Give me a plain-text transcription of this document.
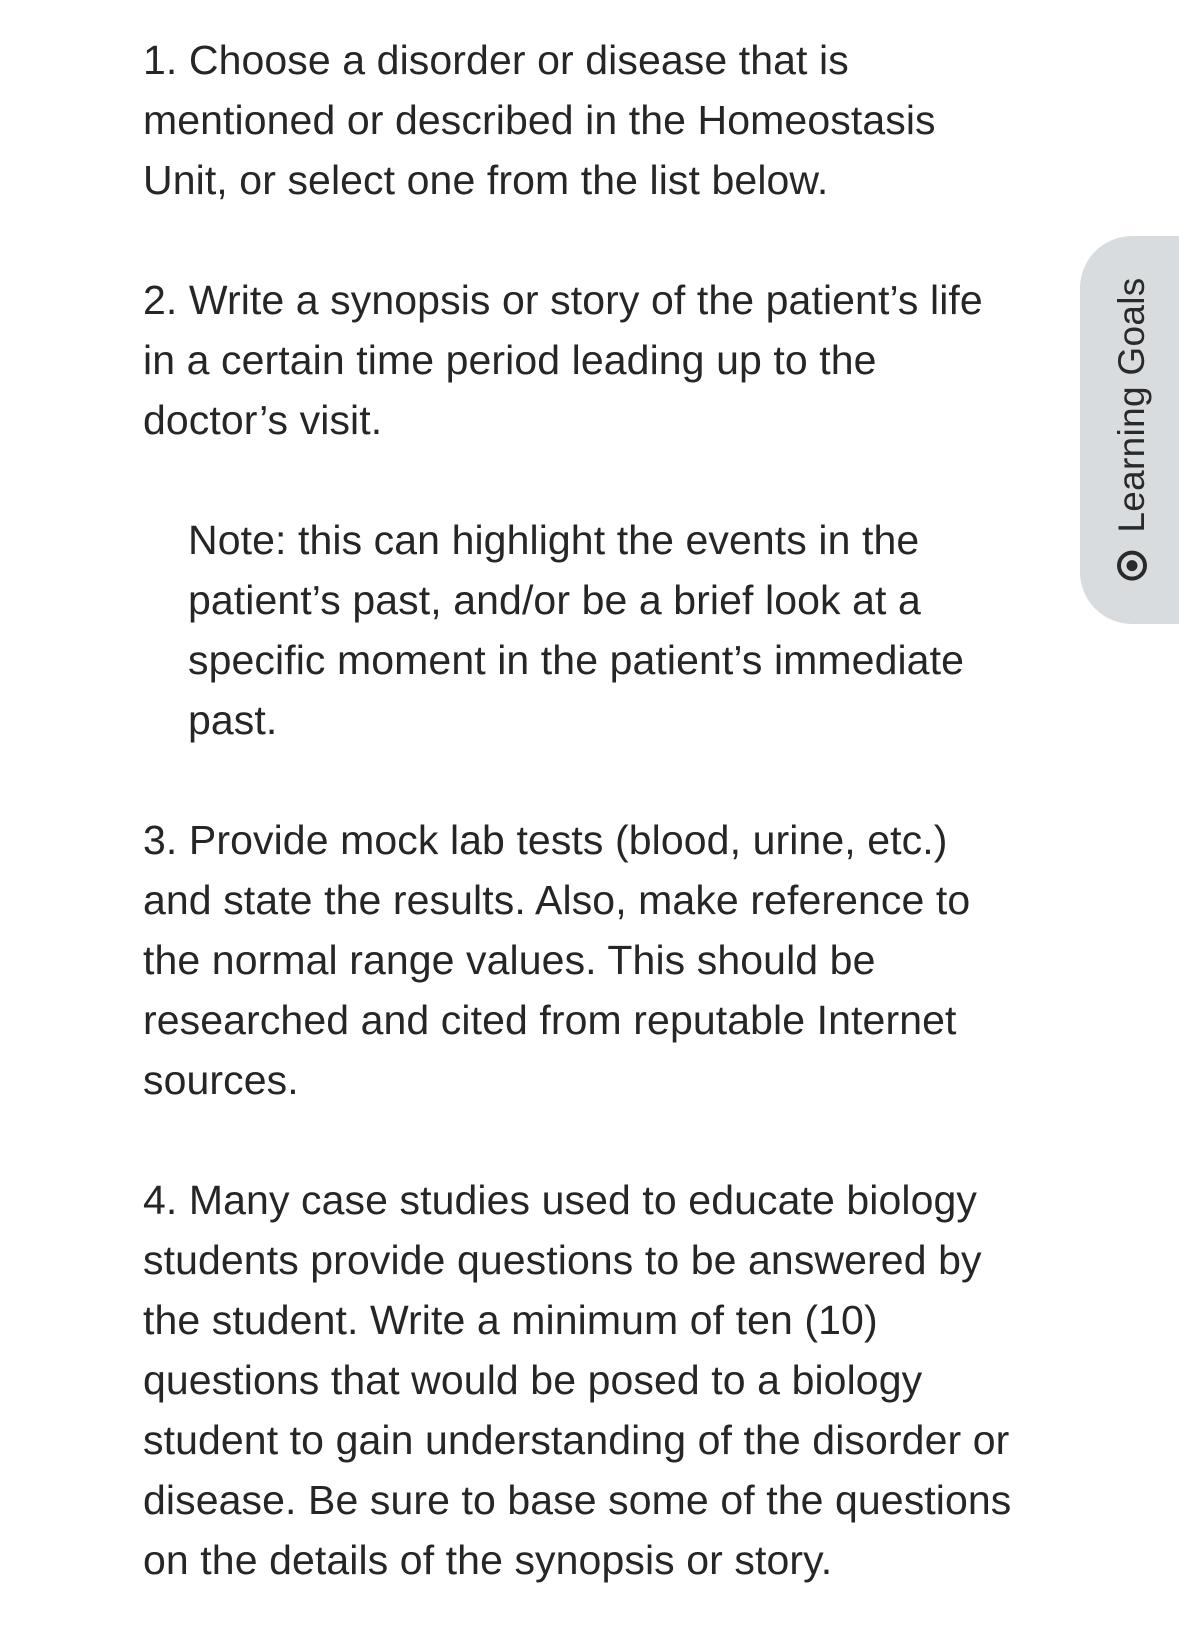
1. Choose a disorder or disease that is
mentioned or described in the Homeostasis
Unit, or select one from the list below.

2. Write a synopsis or story of the patient’s life
in a certain time period leading up to the
doctor’s visit.

Note: this can highlight the events in the
patient’s past, and/or be a brief look at a
specific moment in the patient’s immediate
past.

3. Provide mock lab tests (blood, urine, etc.)
and state the results. Also, make reference to
the normal range values. This should be
researched and cited from reputable Internet
sources.

4. Many case studies used to educate biology
students provide questions to be answered by
the student. Write a minimum of ten (10)
questions that would be posed to a biology
student to gain understanding of the disorder or
disease. Be sure to base some of the questions
on the details of the synopsis or story.

Learning Goals
